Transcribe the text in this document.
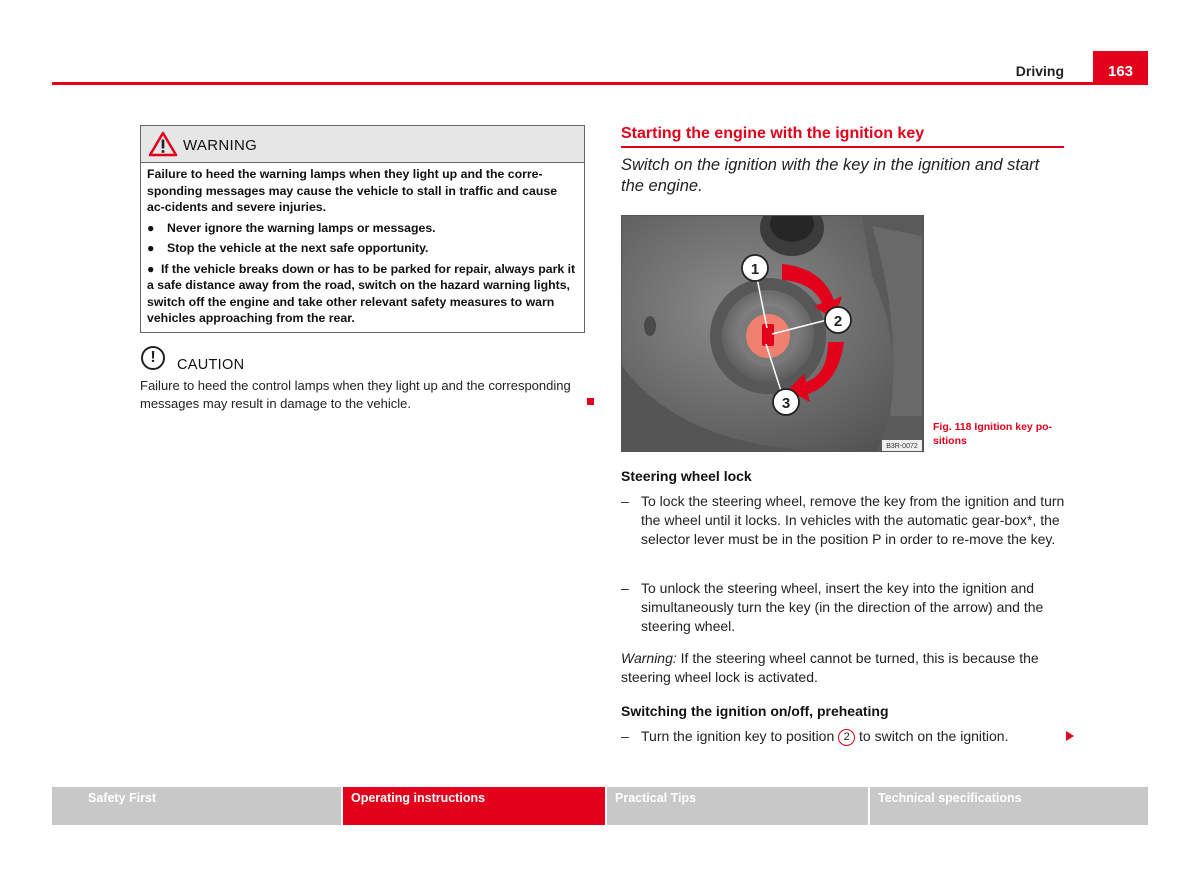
Driving	163
WARNING

Failure to heed the warning lamps when they light up and the corre-sponding messages may cause the vehicle to stall in traffic and cause ac-cidents and severe injuries.

● Never ignore the warning lamps or messages.

● Stop the vehicle at the next safe opportunity.

● If the vehicle breaks down or has to be parked for repair, always park it a safe distance away from the road, switch on the hazard warning lights, switch off the engine and take other relevant safety measures to warn vehicles approaching from the rear.

!	CAUTION
Failure to heed the control lamps when they light up and the corresponding messages may result in damage to the vehicle.
Starting the engine with the ignition key
Switch on the ignition with the key in the ignition and start the engine.
1
2
3
B3R-0072
Fig. 118 Ignition key po-sitions
Steering wheel lock
– To lock the steering wheel, remove the key from the ignition and turn the wheel until it locks. In vehicles with the automatic gear-box*, the selector lever must be in the position P in order to re-move the key.
– To unlock the steering wheel, insert the key into the ignition and simultaneously turn the key (in the direction of the arrow) and the steering wheel.
Warning: If the steering wheel cannot be turned, this is because the steering wheel lock is activated.
Switching the ignition on/off, preheating
– Turn the ignition key to position 2 to switch on the ignition.
Safety First	Operating instructions	Practical Tips	Technical specifications
